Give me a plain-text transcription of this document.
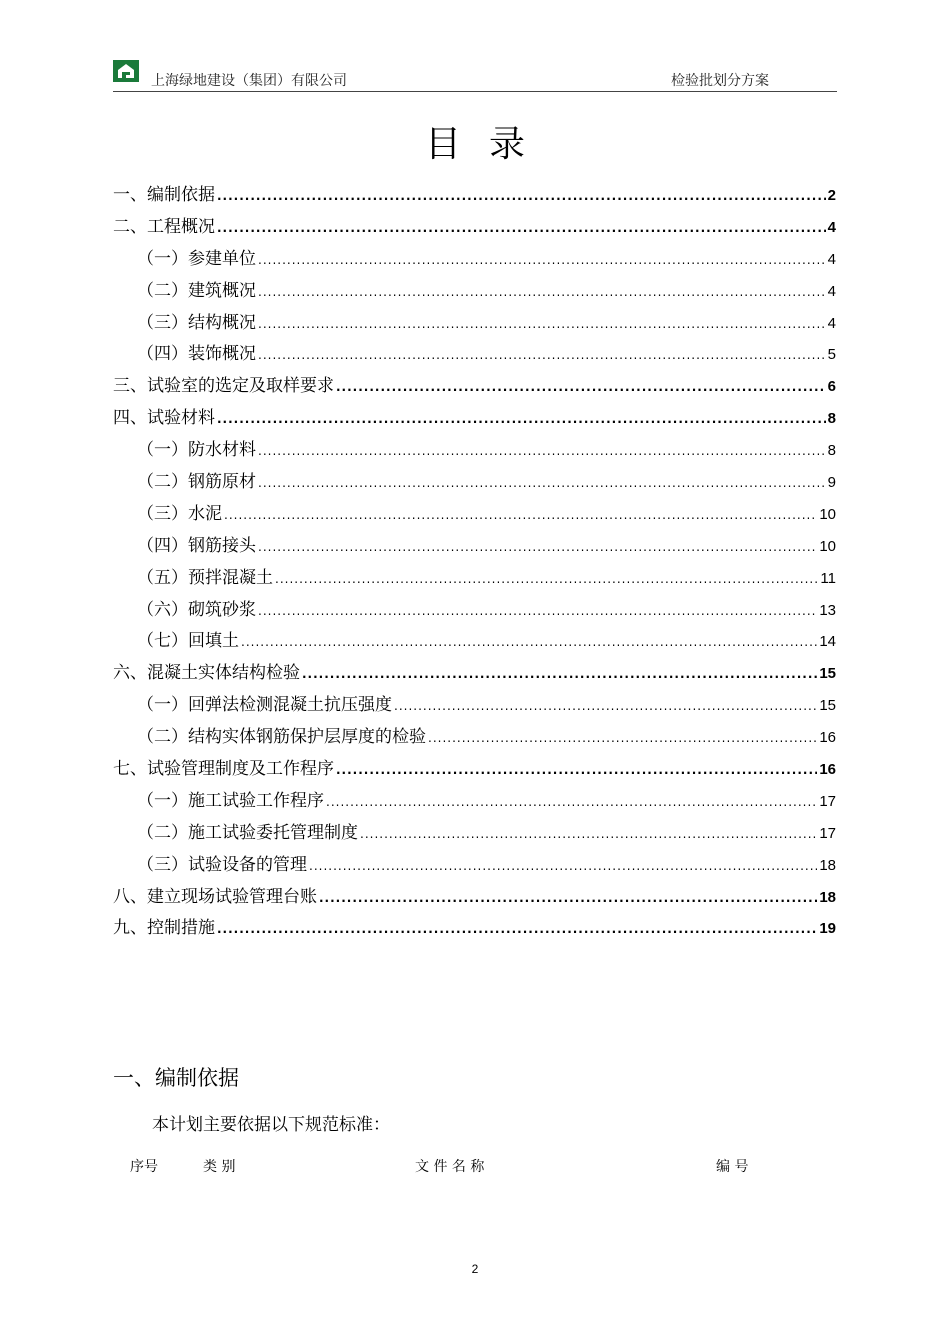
上海绿地建设（集团）有限公司	检验批划分方案
目录
一、编制依据 .....	2
二、工程概况 .....	4
（一）参建单位 .....	4
（二）建筑概况 .....	4
（三）结构概况 .....	4
（四）装饰概况 .....	5
三、试验室的选定及取样要求 .....	6
四、试验材料 .....	8
（一）防水材料 .....	8
（二）钢筋原材 .....	9
（三）水泥 .....	10
（四）钢筋接头 .....	10
（五）预拌混凝土 .....	11
（六）砌筑砂浆 .....	13
（七）回填土 .....	14
六、混凝土实体结构检验 .....	15
（一）回弹法检测混凝土抗压强度 .....	15
（二）结构实体钢筋保护层厚度的检验 .....	16
七、试验管理制度及工作程序 .....	16
（一）施工试验工作程序 .....	17
（二）施工试验委托管理制度 .....	17
（三）试验设备的管理 .....	18
八、建立现场试验管理台账 .....	18
九、控制措施 .....	19
一、编制依据
本计划主要依据以下规范标准：
序号	类 别	文 件 名 称	编 号
2
